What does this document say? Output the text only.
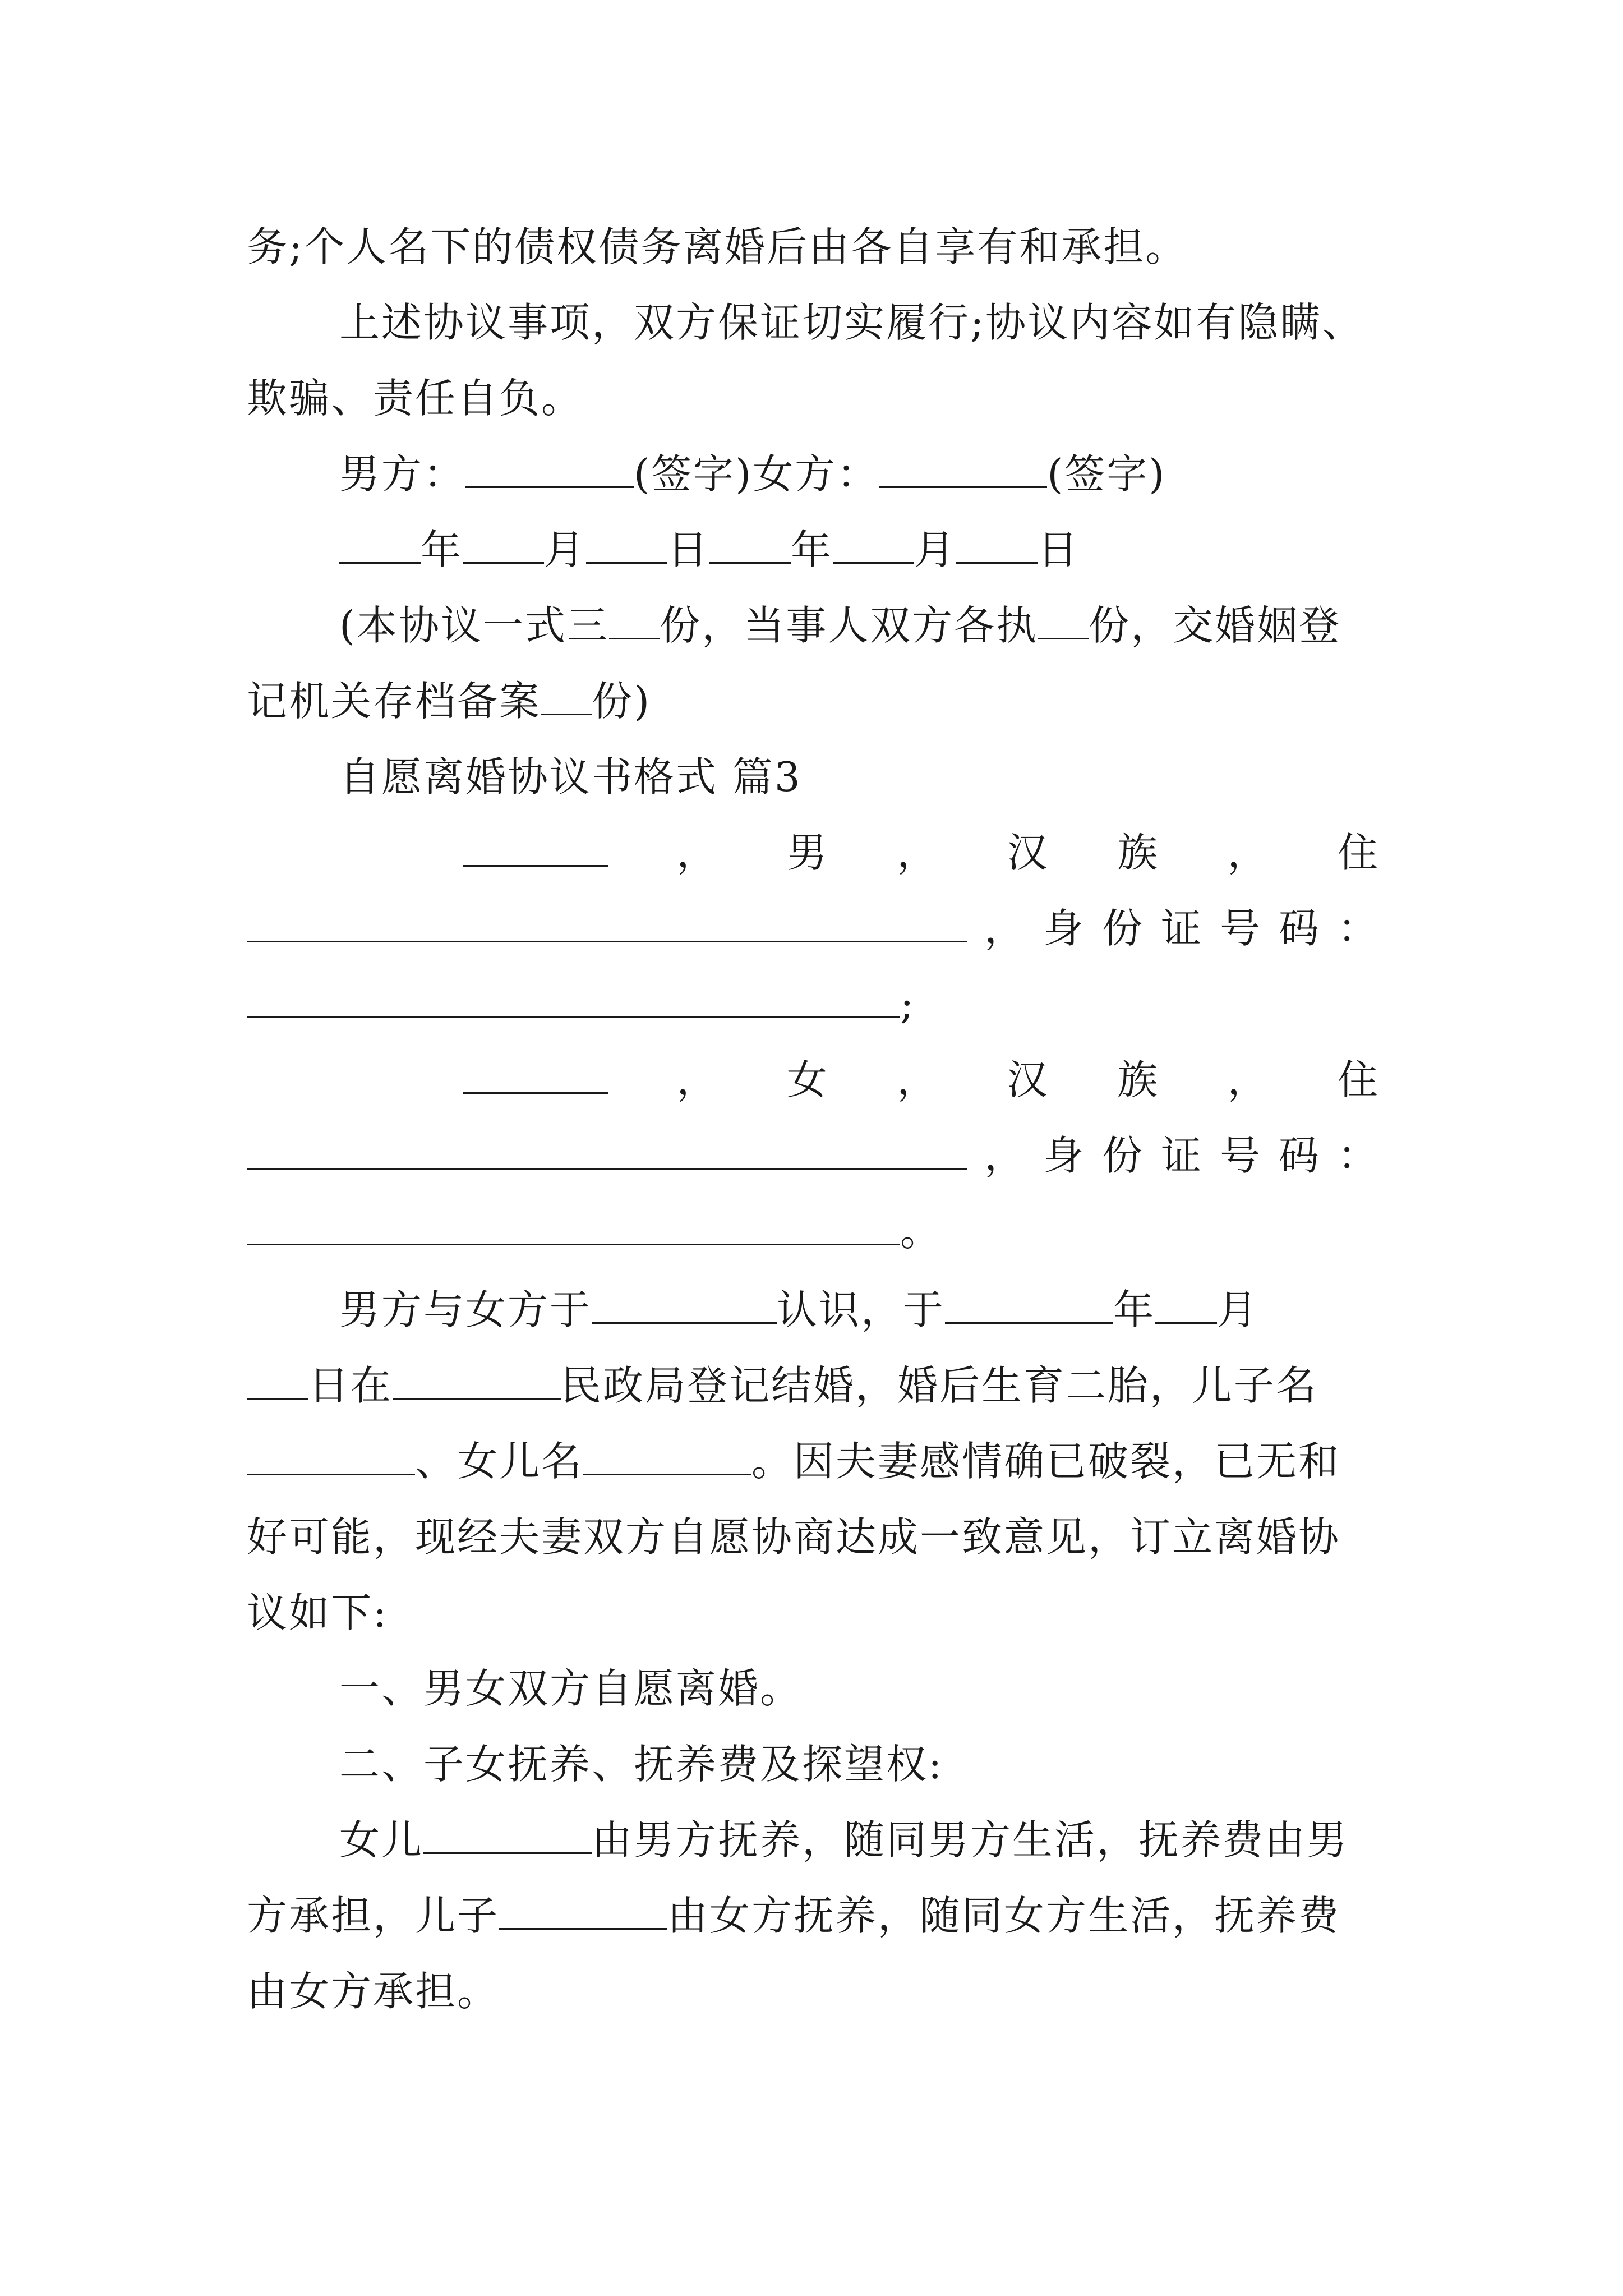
务;个人名下的债权债务离婚后由各自享有和承担。
上述协议事项，双方保证切实履行;协议内容如有隐瞒、
欺骗、责任自负。
男方：	(签字)女方：	(签字)
年 月 日 年 月 日
(本协议一式三 份，当事人双方各执 份，交婚姻登
记机关存档备案 份)
自愿离婚协议书格式 篇3
， 男 ， 汉 族 ， 住
， 身 份 证 号 码 ：
;
， 女 ， 汉 族 ， 住
， 身 份 证 号 码 ：
。
男方与女方于	认识，于	年 月
日在	民政局登记结婚，婚后生育二胎，儿子名
、女儿名	。因夫妻感情确已破裂，已无和
好可能，现经夫妻双方自愿协商达成一致意见，订立离婚协
议如下:
一、男女双方自愿离婚。
二、子女抚养、抚养费及探望权:
女儿	由男方抚养，随同男方生活，抚养费由男
方承担，儿子	由女方抚养，随同女方生活，抚养费
由女方承担。
